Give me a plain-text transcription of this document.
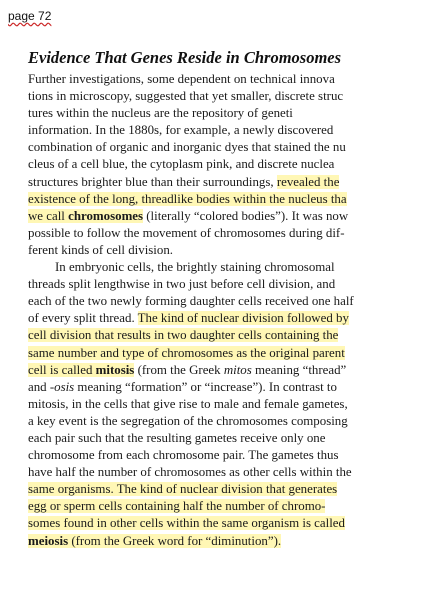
page 72
Evidence That Genes Reside in Chromosomes
Further investigations, some dependent on technical innova
tions in microscopy, suggested that yet smaller, discrete struc
tures within the nucleus are the repository of geneti
information. In the 1880s, for example, a newly discovered
combination of organic and inorganic dyes that stained the nu
cleus of a cell blue, the cytoplasm pink, and discrete nuclea
structures brighter blue than their surroundings, revealed the
existence of the long, threadlike bodies within the nucleus tha
we call chromosomes (literally “colored bodies”). It was now
possible to follow the movement of chromosomes during dif-
ferent kinds of cell division.
In embryonic cells, the brightly staining chromosomal
threads split lengthwise in two just before cell division, and
each of the two newly forming daughter cells received one half
of every split thread. The kind of nuclear division followed by
cell division that results in two daughter cells containing the
same number and type of chromosomes as the original parent
cell is called mitosis (from the Greek mitos meaning “thread”
and -osis meaning “formation” or “increase”). In contrast to
mitosis, in the cells that give rise to male and female gametes,
a key event is the segregation of the chromosomes composing
each pair such that the resulting gametes receive only one
chromosome from each chromosome pair. The gametes thus
have half the number of chromosomes as other cells within the
same organisms. The kind of nuclear division that generates
egg or sperm cells containing half the number of chromo-
somes found in other cells within the same organism is called
meiosis (from the Greek word for “diminution”).
